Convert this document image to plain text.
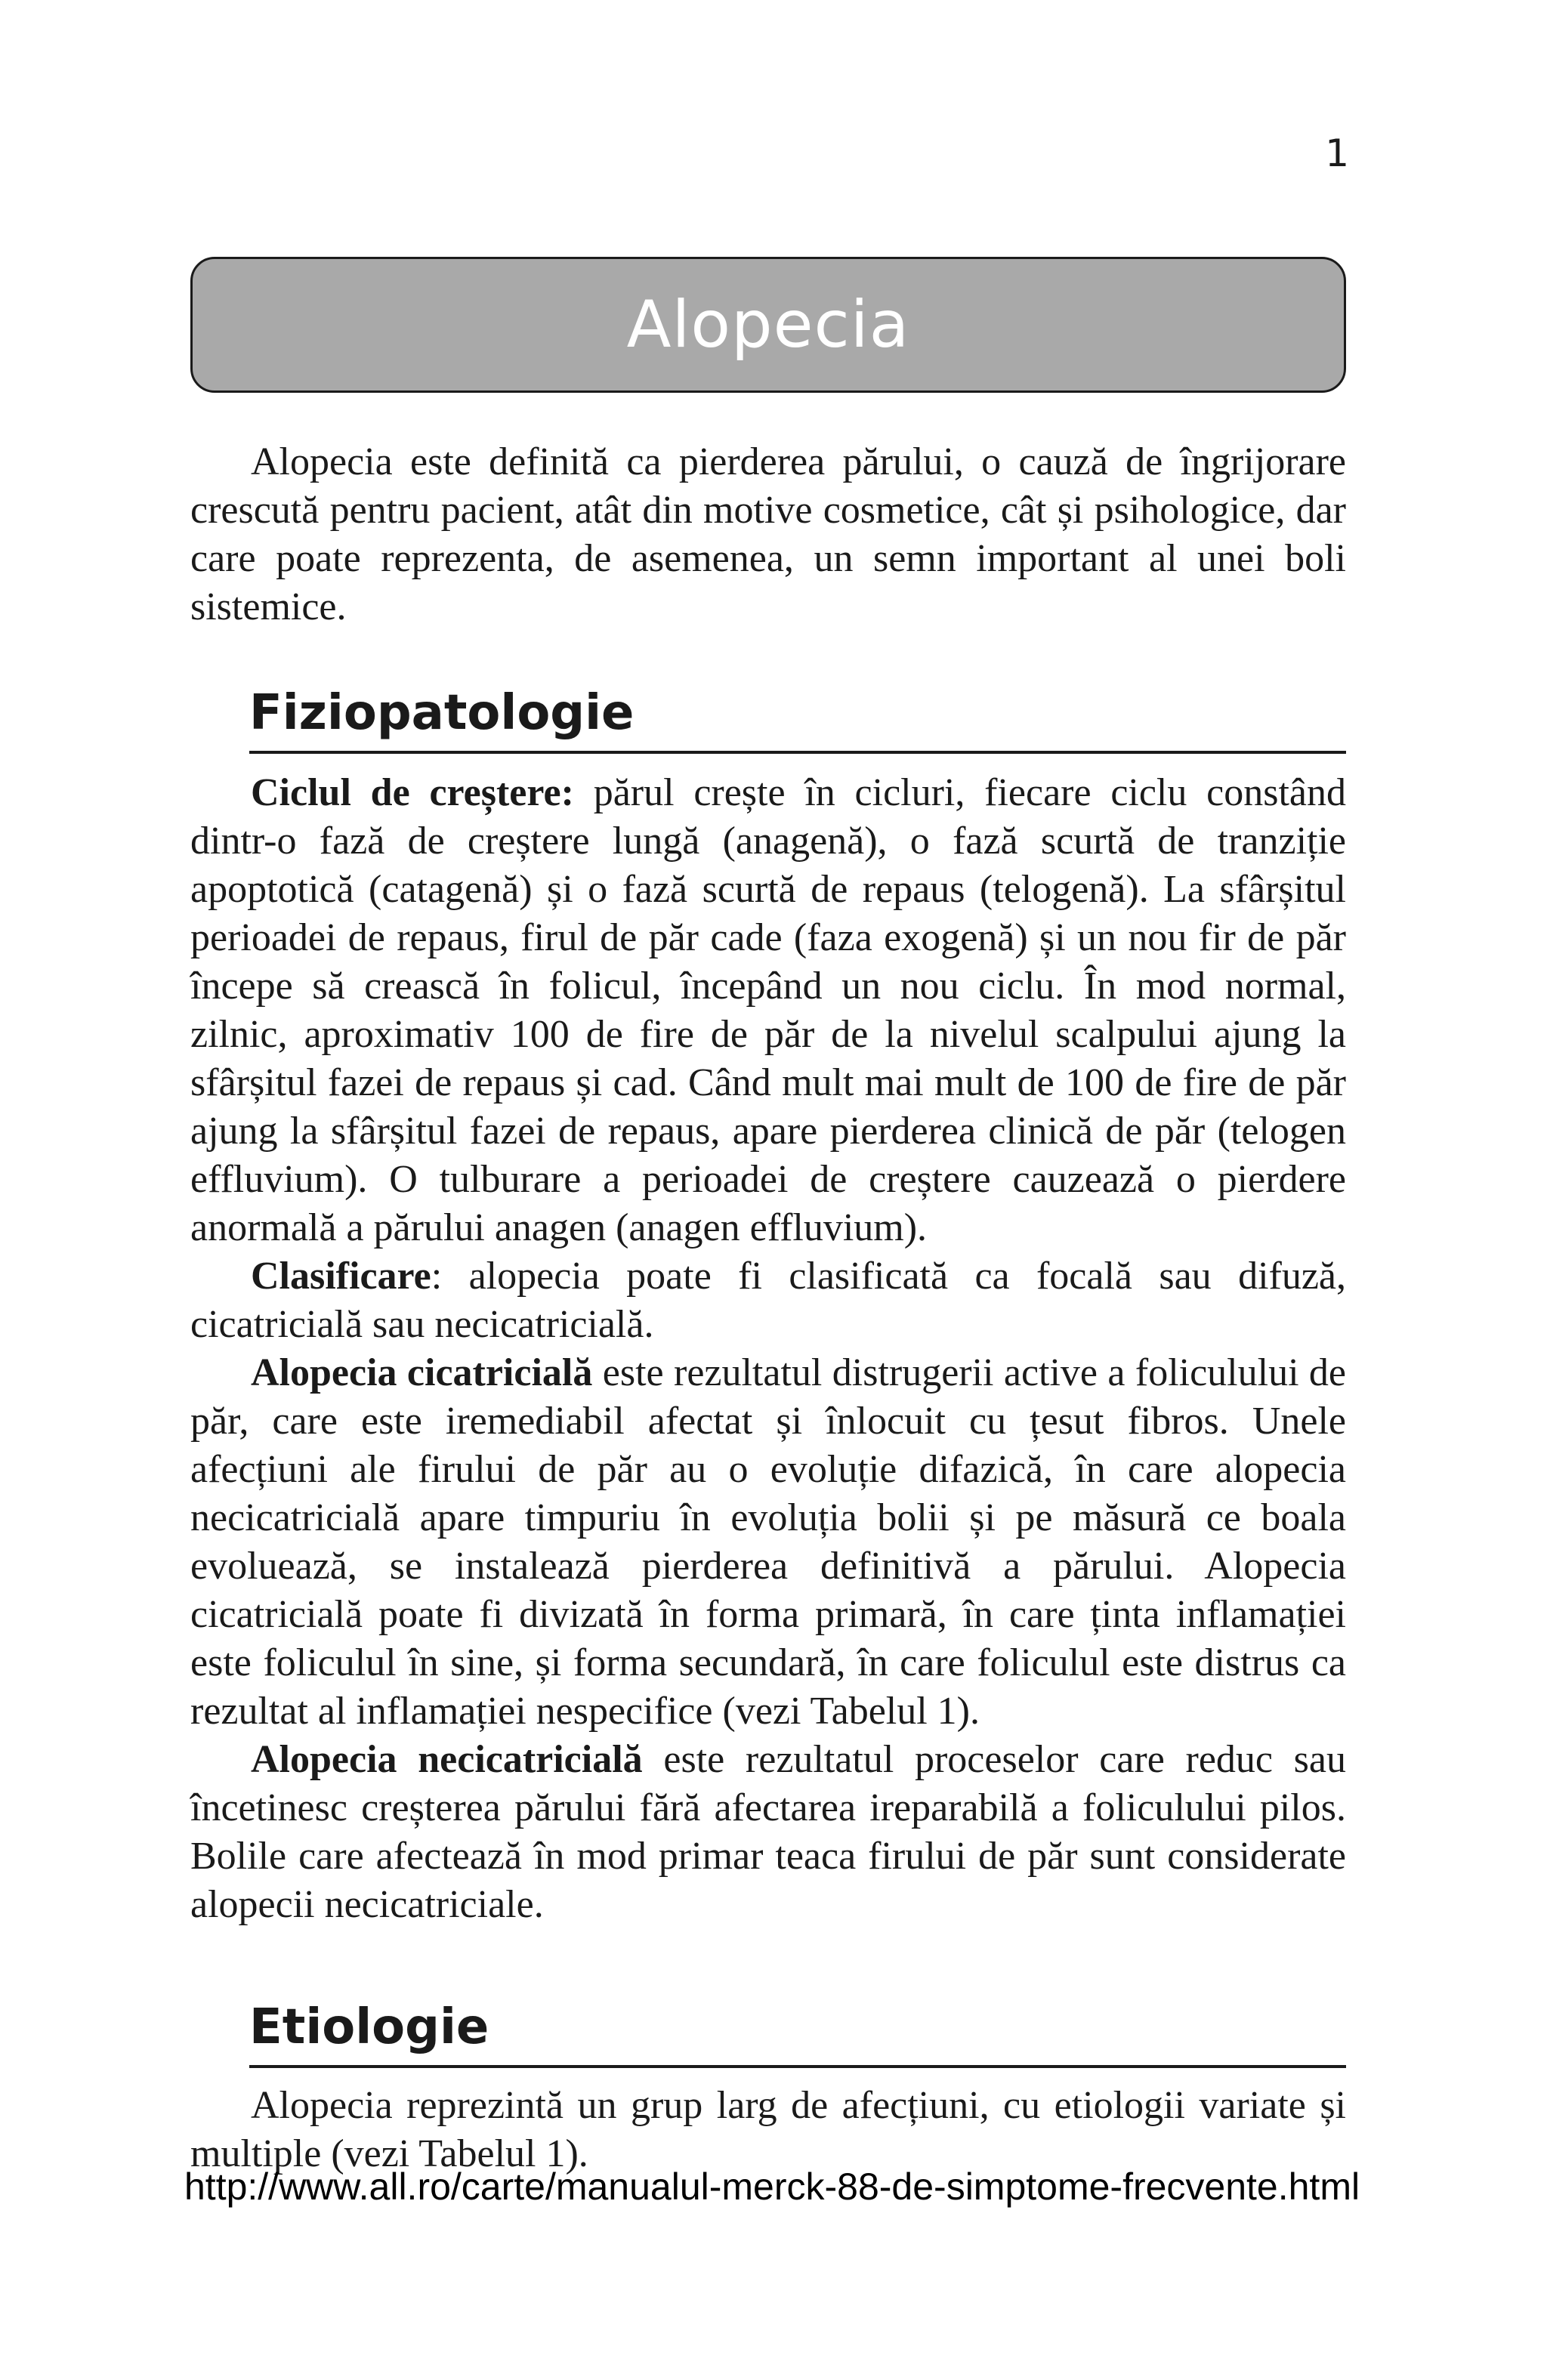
1
Alopecia

Alopecia este definită ca pierderea părului, o cauză de îngrijorare crescută pentru pacient, atât din motive cosmetice, cât și psihologice, dar care poate reprezenta, de asemenea, un semn important al unei boli sistemice.

Fiziopatologie

Ciclul de creștere: părul crește în cicluri, fiecare ciclu constând dintr-o fază de creștere lungă (anagenă), o fază scurtă de tranziție apoptotică (catagenă) și o fază scurtă de repaus (telogenă). La sfârșitul perioadei de repaus, firul de păr cade (faza exogenă) și un nou fir de păr începe să crească în folicul, începând un nou ciclu. În mod normal, zilnic, aproximativ 100 de fire de păr de la nivelul scalpului ajung la sfârșitul fazei de repaus și cad. Când mult mai mult de 100 de fire de păr ajung la sfârșitul fazei de repaus, apare pierderea clinică de păr (telogen effluvium). O tulburare a perioadei de creștere cauzează o pierdere anormală a părului anagen (anagen effluvium).

Clasificare: alopecia poate fi clasificată ca focală sau difuză, cicatricială sau necicatricială.

Alopecia cicatricială este rezultatul distrugerii active a foliculului de păr, care este iremediabil afectat și înlocuit cu țesut fibros. Unele afecțiuni ale firului de păr au o evoluție difazică, în care alopecia necicatricială apare timpuriu în evoluția bolii și pe măsură ce boala evoluează, se instalează pierderea definitivă a părului. Alopecia cicatricială poate fi divizată în forma primară, în care ținta inflamației este foliculul în sine, și forma secundară, în care foliculul este distrus ca rezultat al inflamației nespecifice (vezi Tabelul 1).

Alopecia necicatricială este rezultatul proceselor care reduc sau încetinesc creșterea părului fără afectarea ireparabilă a foliculului pilos. Bolile care afectează în mod primar teaca firului de păr sunt considerate alopecii necicatriciale.

Etiologie

Alopecia reprezintă un grup larg de afecțiuni, cu etiologii variate și multiple (vezi Tabelul 1).

http://www.all.ro/carte/manualul-merck-88-de-simptome-frecvente.html
